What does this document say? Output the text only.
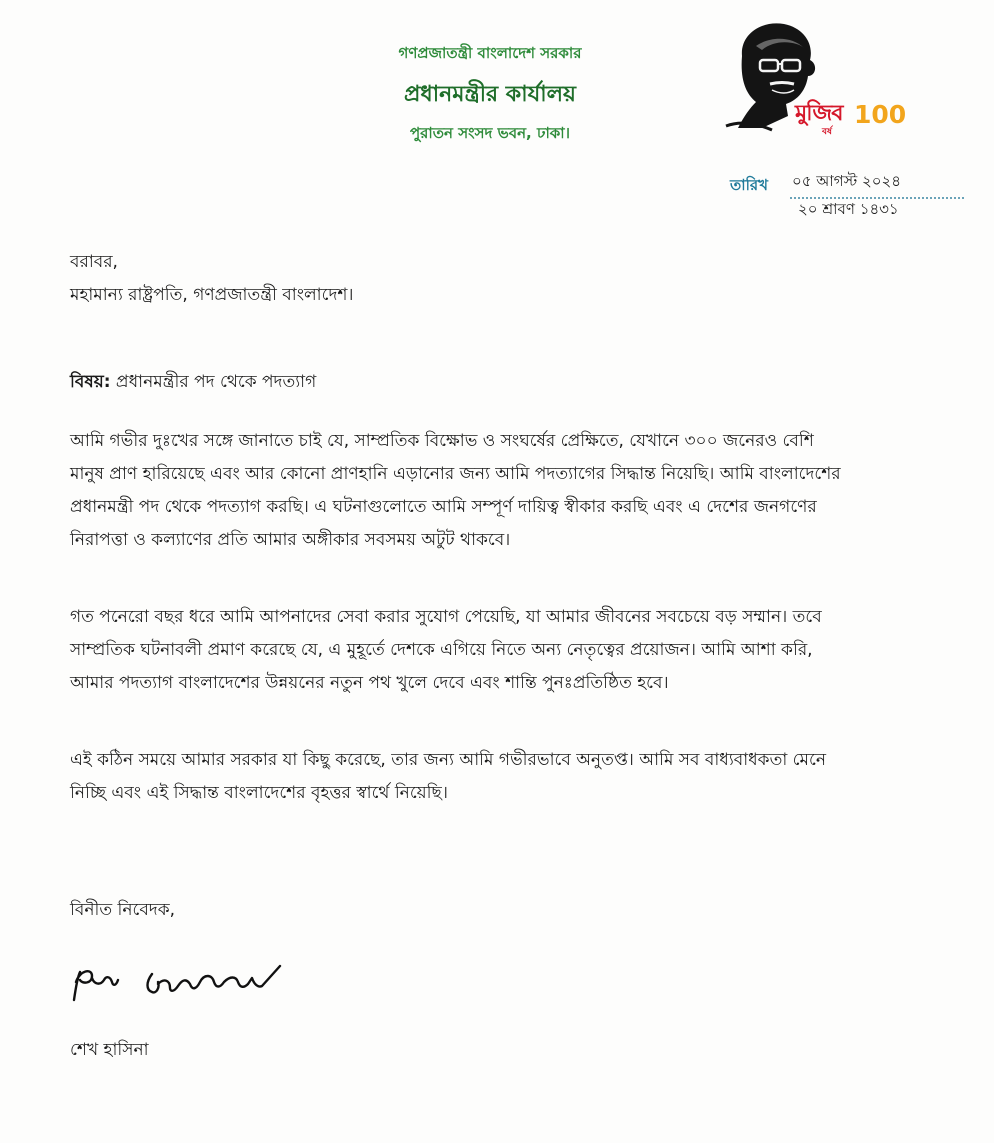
গণপ্রজাতন্ত্রী বাংলাদেশ সরকার
প্রধানমন্ত্রীর কার্যালয়
পুরাতন সংসদ ভবন, ঢাকা।
মুজিব
বর্ষ
100
তারিখ ০৫ আগস্ট ২০২৪
২০ শ্রাবণ ১৪৩১
বরাবর,
মহামান্য রাষ্ট্রপতি, গণপ্রজাতন্ত্রী বাংলাদেশ।
বিষয়: প্রধানমন্ত্রীর পদ থেকে পদত্যাগ
আমি গভীর দুঃখের সঙ্গে জানাতে চাই যে, সাম্প্রতিক বিক্ষোভ ও সংঘর্ষের প্রেক্ষিতে, যেখানে ৩০০ জনেরও বেশি
মানুষ প্রাণ হারিয়েছে এবং আর কোনো প্রাণহানি এড়ানোর জন্য আমি পদত্যাগের সিদ্ধান্ত নিয়েছি। আমি বাংলাদেশের
প্রধানমন্ত্রী পদ থেকে পদত্যাগ করছি। এ ঘটনাগুলোতে আমি সম্পূর্ণ দায়িত্ব স্বীকার করছি এবং এ দেশের জনগণের
নিরাপত্তা ও কল্যাণের প্রতি আমার অঙ্গীকার সবসময় অটুট থাকবে।
গত পনেরো বছর ধরে আমি আপনাদের সেবা করার সুযোগ পেয়েছি, যা আমার জীবনের সবচেয়ে বড় সম্মান। তবে
সাম্প্রতিক ঘটনাবলী প্রমাণ করেছে যে, এ মুহূর্তে দেশকে এগিয়ে নিতে অন্য নেতৃত্বের প্রয়োজন। আমি আশা করি,
আমার পদত্যাগ বাংলাদেশের উন্নয়নের নতুন পথ খুলে দেবে এবং শান্তি পুনঃপ্রতিষ্ঠিত হবে।
এই কঠিন সময়ে আমার সরকার যা কিছু করেছে, তার জন্য আমি গভীরভাবে অনুতপ্ত। আমি সব বাধ্যবাধকতা মেনে
নিচ্ছি এবং এই সিদ্ধান্ত বাংলাদেশের বৃহত্তর স্বার্থে নিয়েছি।
বিনীত নিবেদক,
শেখ হাসিনা
